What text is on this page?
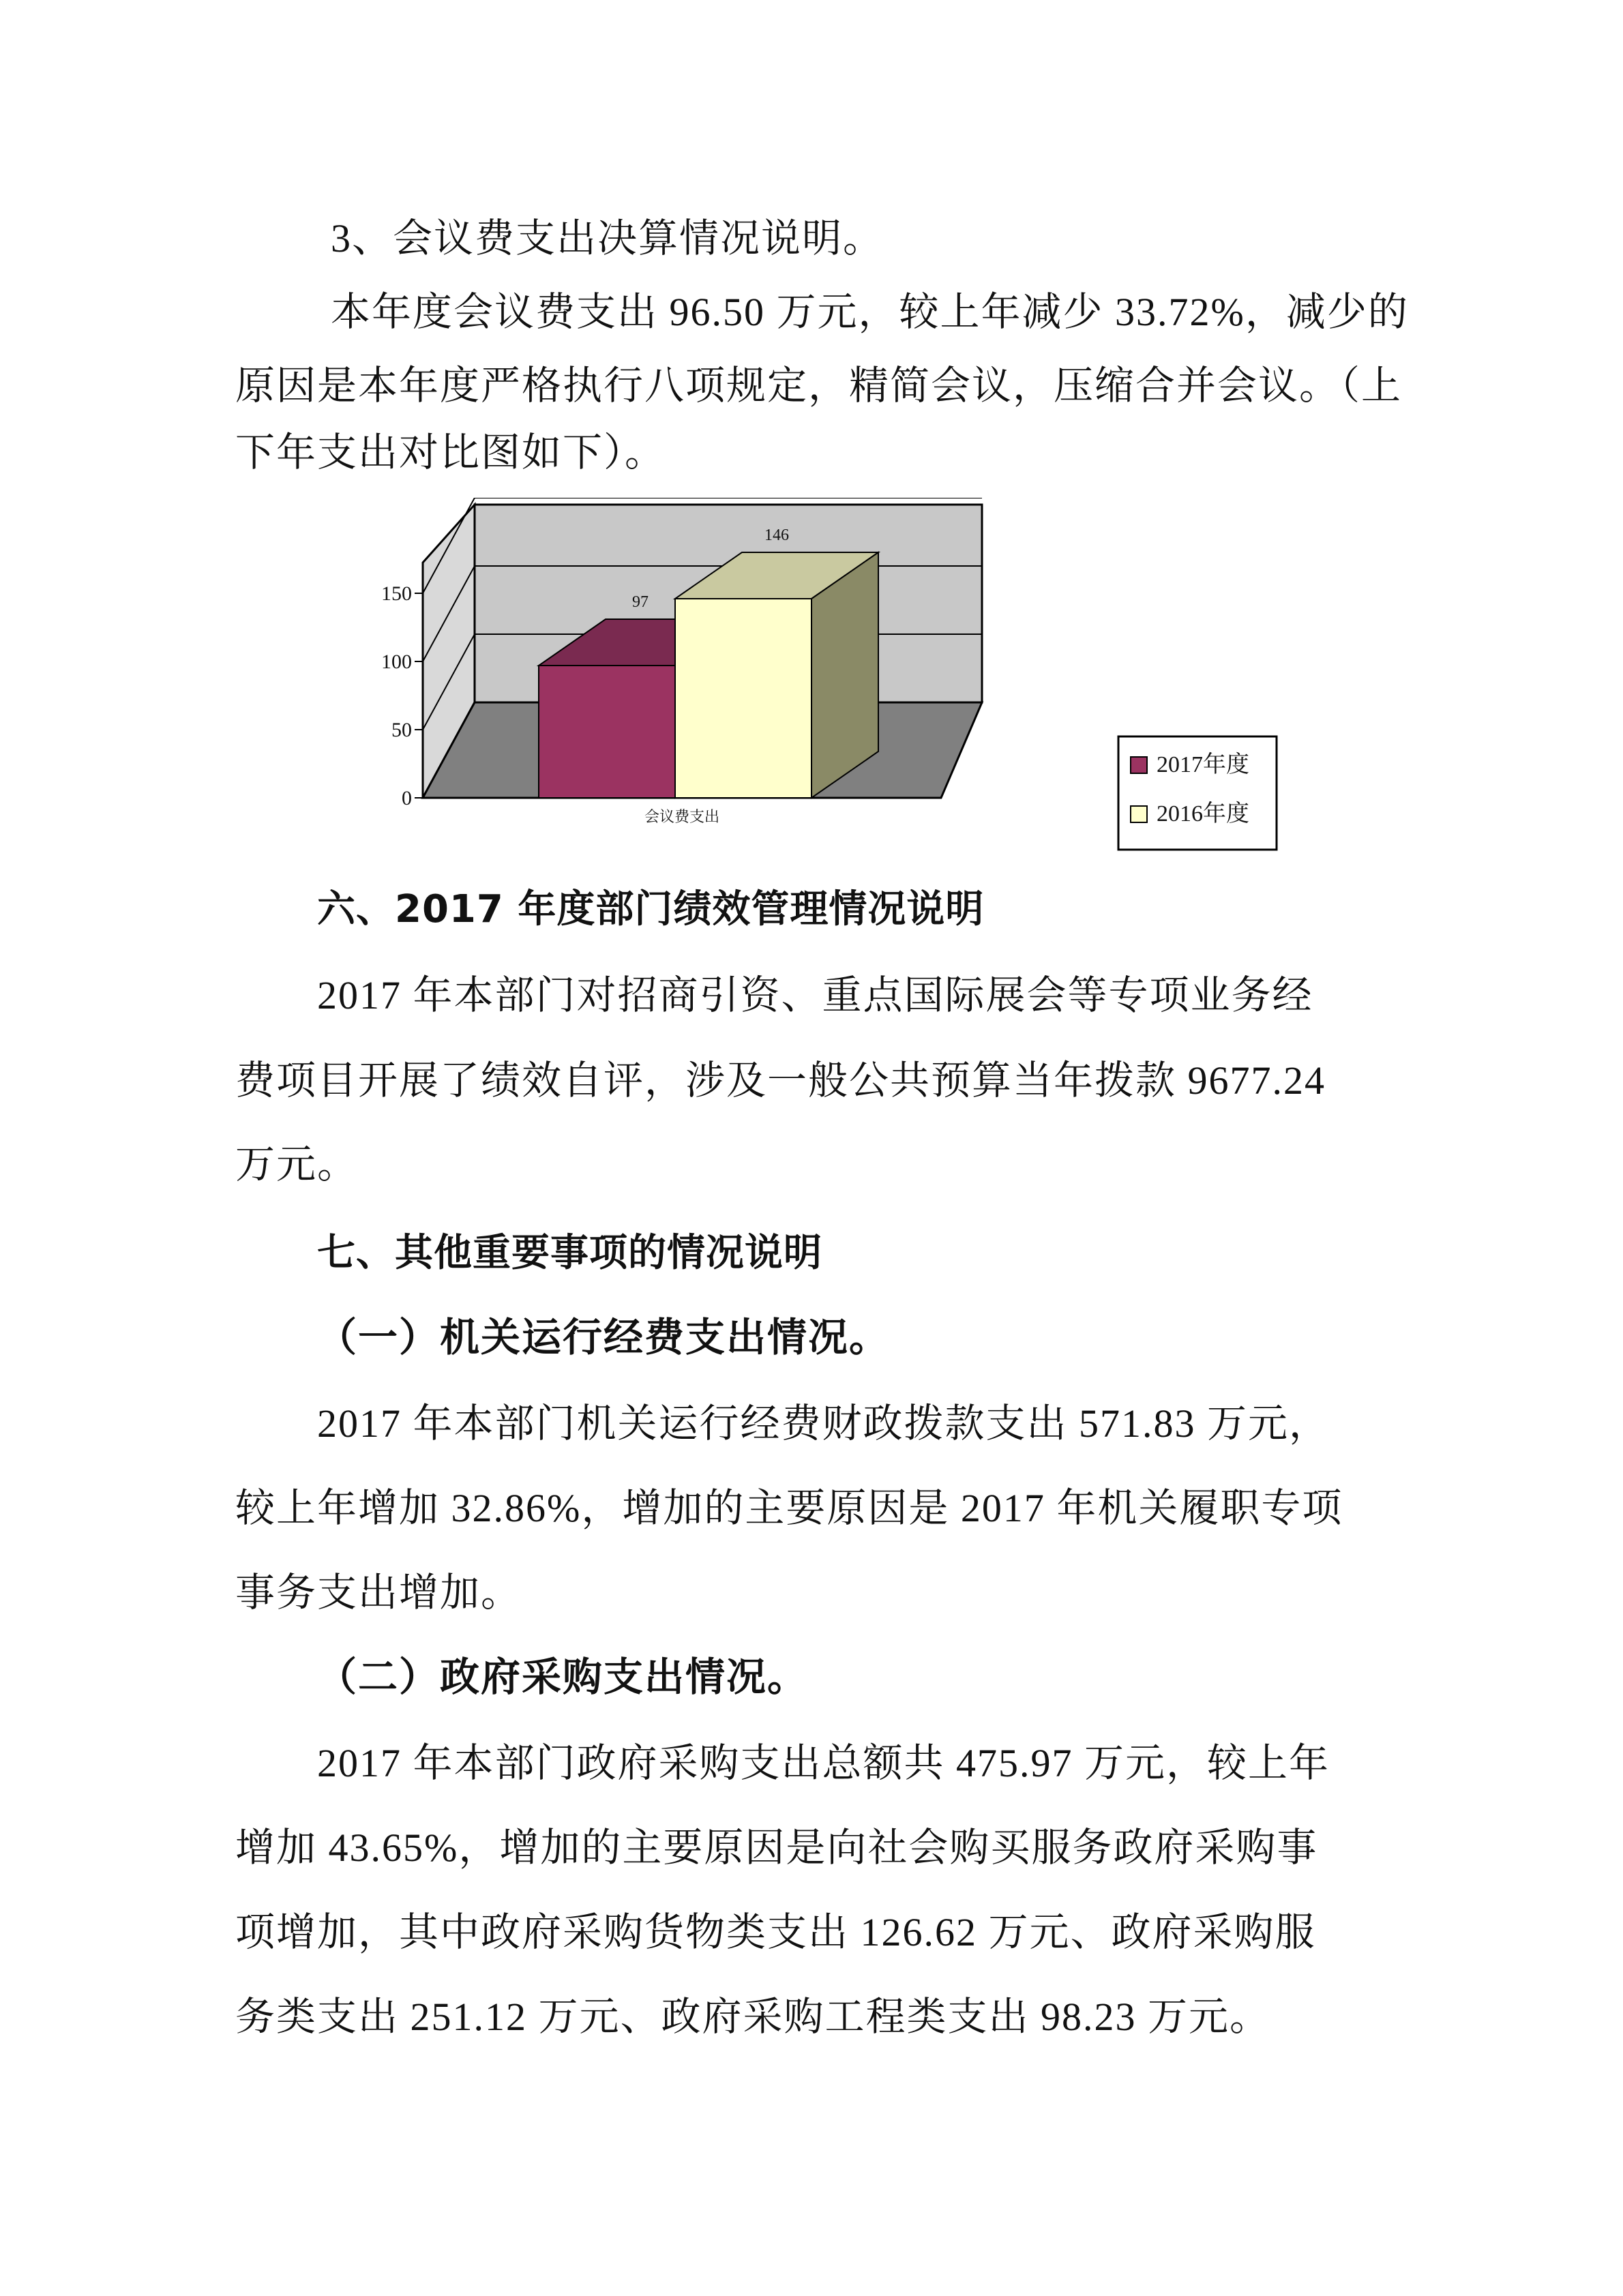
3、会议费支出决算情况说明。

本年度会议费支出 96.50 万元，较上年减少 33.72%，减少的

原因是本年度严格执行八项规定，精简会议，压缩合并会议。（上

下年支出对比图如下）。

0
50
100
150	97
146
会议费支出
2017年度
2016年度

六、2017 年度部门绩效管理情况说明

2017 年本部门对招商引资、重点国际展会等专项业务经

费项目开展了绩效自评，涉及一般公共预算当年拨款 9677.24

万元。

七、其他重要事项的情况说明

（一）机关运行经费支出情况。

2017 年本部门机关运行经费财政拨款支出 571.83 万元，

较上年增加 32.86%，增加的主要原因是 2017 年机关履职专项

事务支出增加。

（二）政府采购支出情况。

2017 年本部门政府采购支出总额共 475.97 万元，较上年

增加 43.65%，增加的主要原因是向社会购买服务政府采购事

项增加，其中政府采购货物类支出 126.62 万元、政府采购服

务类支出 251.12 万元、政府采购工程类支出 98.23 万元。
